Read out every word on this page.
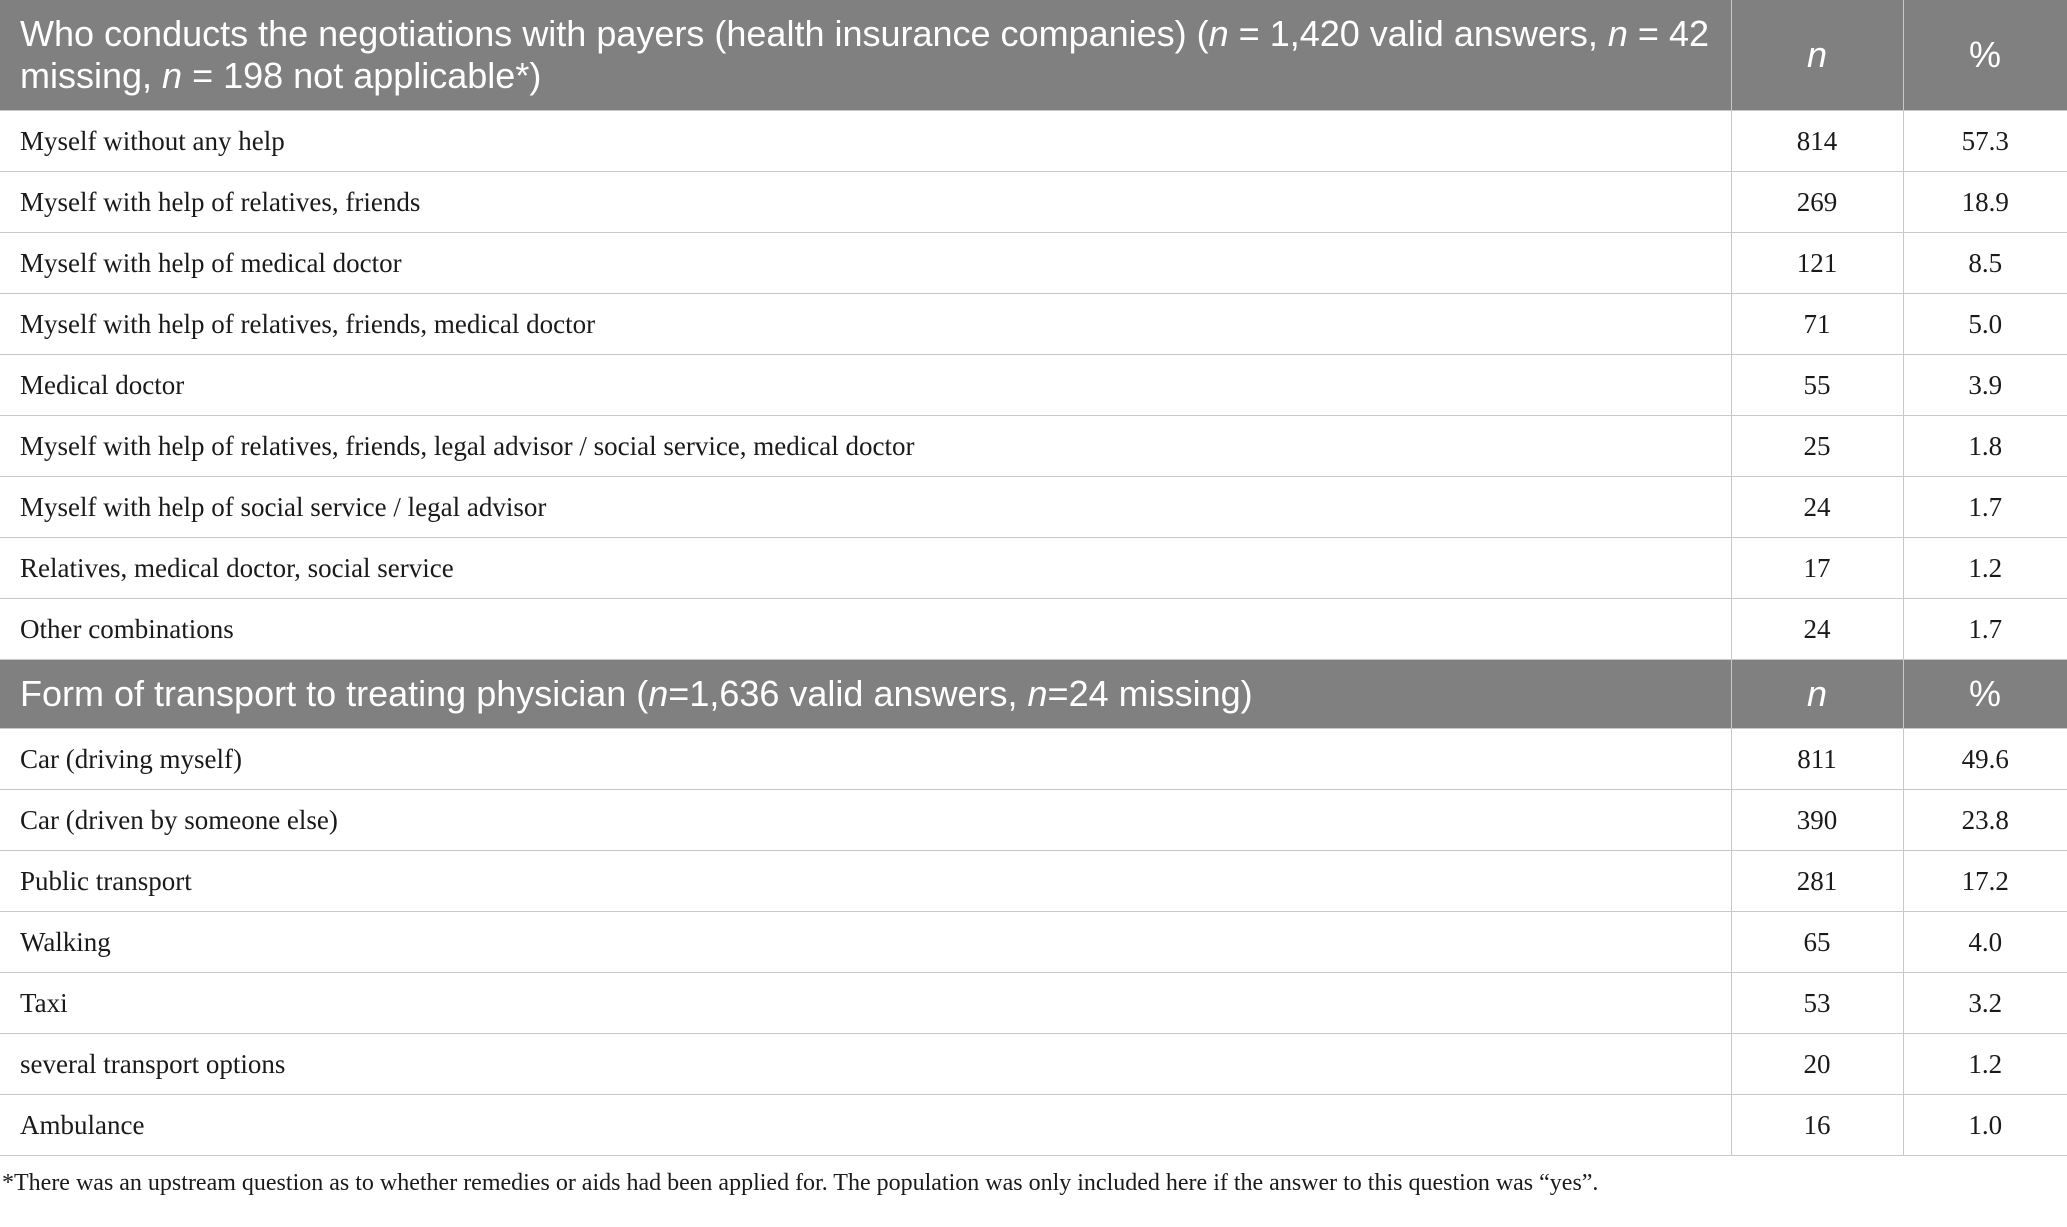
Who conducts the negotiations with payers (health insurance companies) (n = 1,420 valid answers, n = 42 missing, n = 198 not applicable*)	n	%
Myself without any help	814	57.3
Myself with help of relatives, friends	269	18.9
Myself with help of medical doctor	121	8.5
Myself with help of relatives, friends, medical doctor	71	5.0
Medical doctor	55	3.9
Myself with help of relatives, friends, legal advisor / social service, medical doctor	25	1.8
Myself with help of social service / legal advisor	24	1.7
Relatives, medical doctor, social service	17	1.2
Other combinations	24	1.7
Form of transport to treating physician (n=1,636 valid answers, n=24 missing)	n	%
Car (driving myself)	811	49.6
Car (driven by someone else)	390	23.8
Public transport	281	17.2
Walking	65	4.0
Taxi	53	3.2
several transport options	20	1.2
Ambulance	16	1.0
*There was an upstream question as to whether remedies or aids had been applied for. The population was only included here if the answer to this question was “yes”.
